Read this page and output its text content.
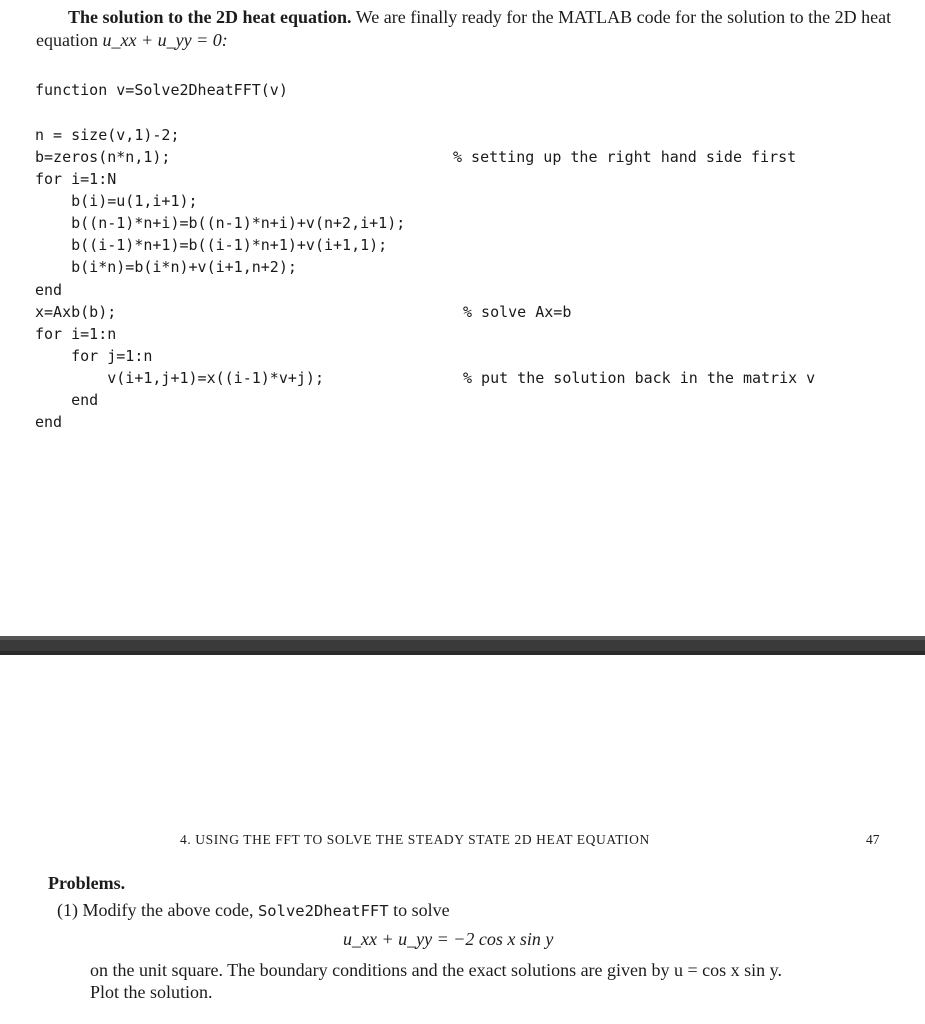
The solution to the 2D heat equation. We are finally ready for the MATLAB code for the solution to the 2D heat equation u_xx + u_yy = 0:
function v=Solve2DheatFFT(v)
n = size(v,1)-2;
b=zeros(n*n,1);
for i=1:N
b(i)=u(1,i+1);
b((n-1)*n+i)=b((n-1)*n+i)+v(n+2,i+1);
b((i-1)*n+1)=b((i-1)*n+1)+v(i+1,1);
b(i*n)=b(i*n)+v(i+1,n+2);
end
x=Axb(b);
for i=1:n
for j=1:n
v(i+1,j+1)=x((i-1)*v+j);
end
end
% setting up the right hand side first
% solve Ax=b
% put the solution back in the matrix v
4. USING THE FFT TO SOLVE THE STEADY STATE 2D HEAT EQUATION	47
Problems.
(1) Modify the above code, Solve2DheatFFT to solve
u_xx + u_yy = −2 cos x sin y
on the unit square. The boundary conditions and the exact solutions are given by u = cos x sin y.
Plot the solution.
